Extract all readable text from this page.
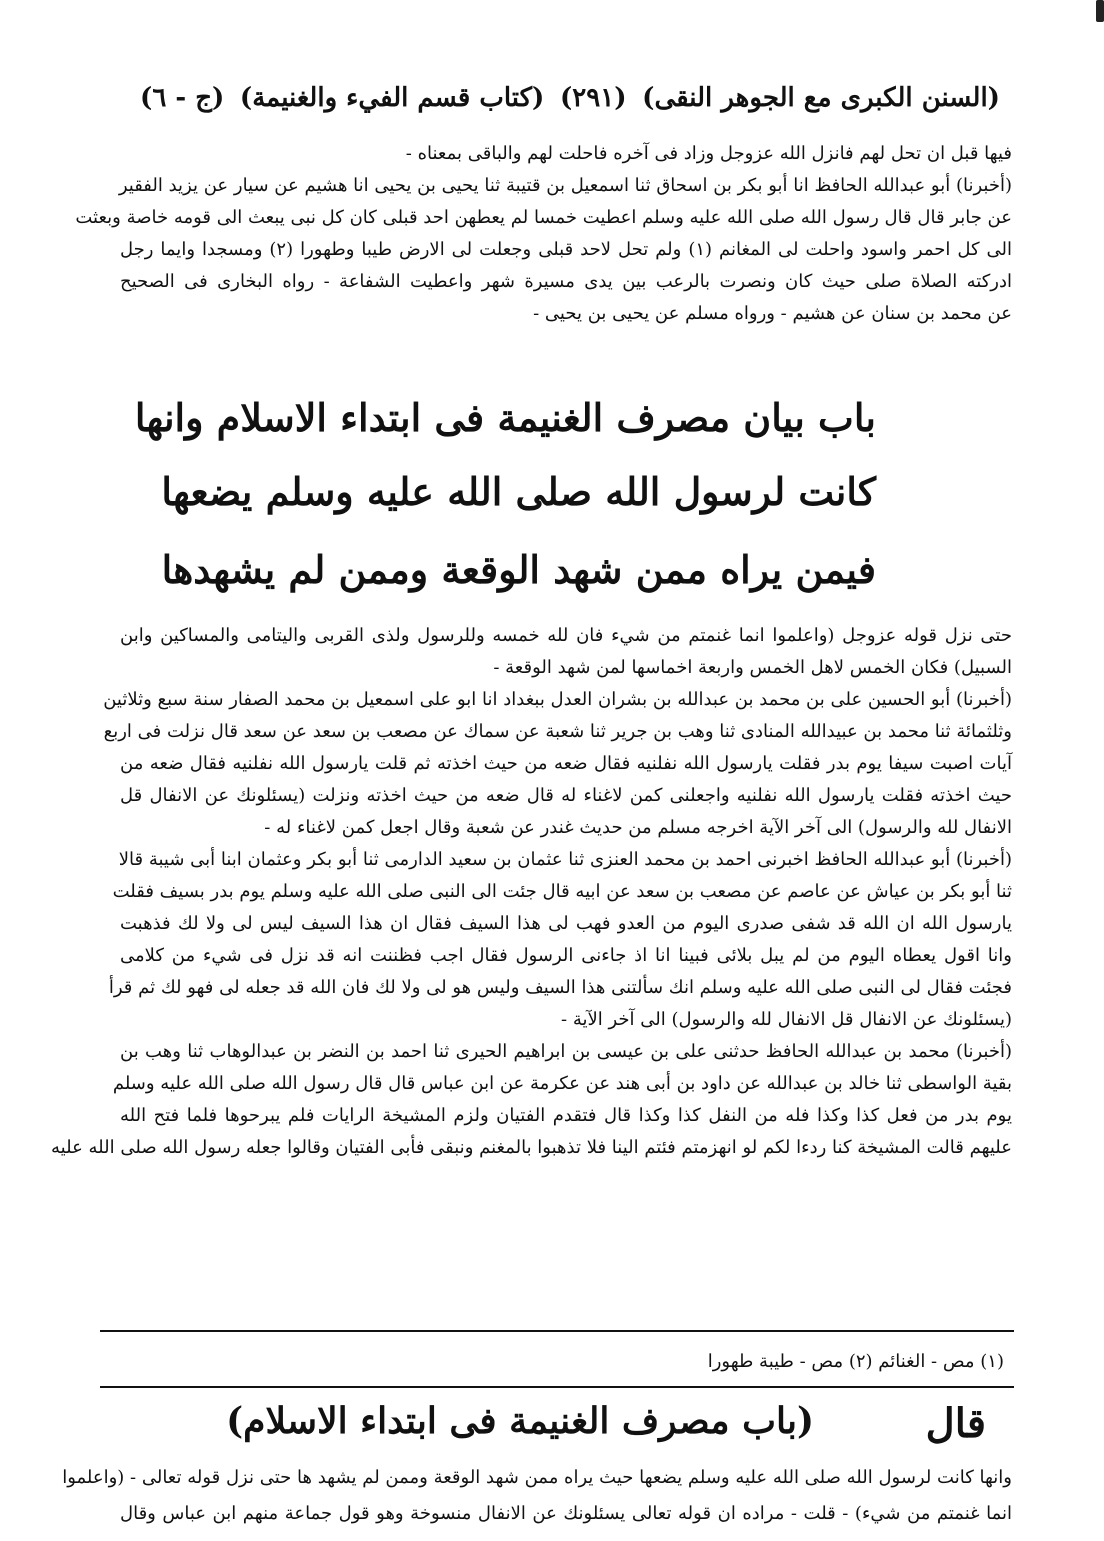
(السنن الكبرى مع الجوهر النقى)
(٢٩١)
(كتاب قسم الفيء والغنيمة)
(ج - ٦)
فيها قبل ان تحل لهم فانزل الله عزوجل وزاد فى آخره فاحلت لهم والباقى بمعناه -
(أخبرنا) أبو عبدالله الحافظ انا أبو بكر بن اسحاق ثنا اسمعيل بن قتيبة ثنا يحيى بن يحيى انا هشيم عن سيار عن يزيد الفقير
عن جابر قال قال رسول الله صلى الله عليه وسلم اعطيت خمسا لم يعطهن احد قبلى كان كل نبى يبعث الى قومه خاصة وبعثت
الى كل احمر واسود واحلت لى المغانم (١) ولم تحل لاحد قبلى وجعلت لى الارض طيبا وطهورا (٢) ومسجدا وايما رجل
ادركته الصلاة صلى حيث كان ونصرت بالرعب بين يدى مسيرة شهر واعطيت الشفاعة - رواه البخارى فى الصحيح
عن محمد بن سنان عن هشيم - ورواه مسلم عن يحيى بن يحيى -
باب بيان مصرف الغنيمة فى ابتداء الاسلام وانها
كانت لرسول الله صلى الله عليه وسلم يضعها
فيمن يراه ممن شهد الوقعة وممن لم يشهدها
حتى نزل قوله عزوجل (واعلموا انما غنمتم من شيء فان لله خمسه وللرسول ولذى القربى واليتامى والمساكين وابن
السبيل) فكان الخمس لاهل الخمس واربعة اخماسها لمن شهد الوقعة -
(أخبرنا) أبو الحسين على بن محمد بن عبدالله بن بشران العدل ببغداد انا ابو على اسمعيل بن محمد الصفار سنة سبع وثلاثين
وثلثمائة ثنا محمد بن عبيدالله المنادى ثنا وهب بن جرير ثنا شعبة عن سماك عن مصعب بن سعد عن سعد قال نزلت فى اربع
آيات اصبت سيفا يوم بدر فقلت يارسول الله نفلنيه فقال ضعه من حيث اخذته ثم قلت يارسول الله نفلنيه فقال ضعه من
حيث اخذته فقلت يارسول الله نفلنيه واجعلنى كمن لاغناء له قال ضعه من حيث اخذته ونزلت (يسئلونك عن الانفال قل
الانفال لله والرسول) الى آخر الآية اخرجه مسلم من حديث غندر عن شعبة وقال اجعل كمن لاغناء له -
(أخبرنا) أبو عبدالله الحافظ اخبرنى احمد بن محمد العنزى ثنا عثمان بن سعيد الدارمى ثنا أبو بكر وعثمان ابنا أبى شيبة قالا
ثنا أبو بكر بن عياش عن عاصم عن مصعب بن سعد عن ابيه قال جئت الى النبى صلى الله عليه وسلم يوم بدر بسيف فقلت
يارسول الله ان الله قد شفى صدرى اليوم من العدو فهب لى هذا السيف فقال ان هذا السيف ليس لى ولا لك فذهبت
وانا اقول يعطاه اليوم من لم يبل بلائى فبينا انا اذ جاءنى الرسول فقال اجب فظننت انه قد نزل فى شيء من كلامى
فجئت فقال لى النبى صلى الله عليه وسلم انك سألتنى هذا السيف وليس هو لى ولا لك فان الله قد جعله لى فهو لك ثم قرأ
(يسئلونك عن الانفال قل الانفال لله والرسول) الى آخر الآية -
(أخبرنا) محمد بن عبدالله الحافظ حدثنى على بن عيسى بن ابراهيم الحيرى ثنا احمد بن النضر بن عبدالوهاب ثنا وهب بن
بقية الواسطى ثنا خالد بن عبدالله عن داود بن أبى هند عن عكرمة عن ابن عباس قال قال رسول الله صلى الله عليه وسلم
يوم بدر من فعل كذا وكذا فله من النفل كذا وكذا قال فتقدم الفتيان ولزم المشيخة الرايات فلم يبرحوها فلما فتح الله
عليهم قالت المشيخة كنا ردءا لكم لو انهزمتم فئتم الينا فلا تذهبوا بالمغنم ونبقى فأبى الفتيان وقالوا جعله رسول الله صلى الله عليه
(١) مص - الغنائم (٢) مص - طيبة طهورا
قال
(باب مصرف الغنيمة فى ابتداء الاسلام)
وانها كانت لرسول الله صلى الله عليه وسلم يضعها حيث يراه ممن شهد الوقعة وممن لم يشهد ها حتى نزل قوله تعالى - (واعلموا
انما غنمتم من شيء) - قلت - مراده ان قوله تعالى يسئلونك عن الانفال منسوخة وهو قول جماعة منهم ابن عباس وقال
